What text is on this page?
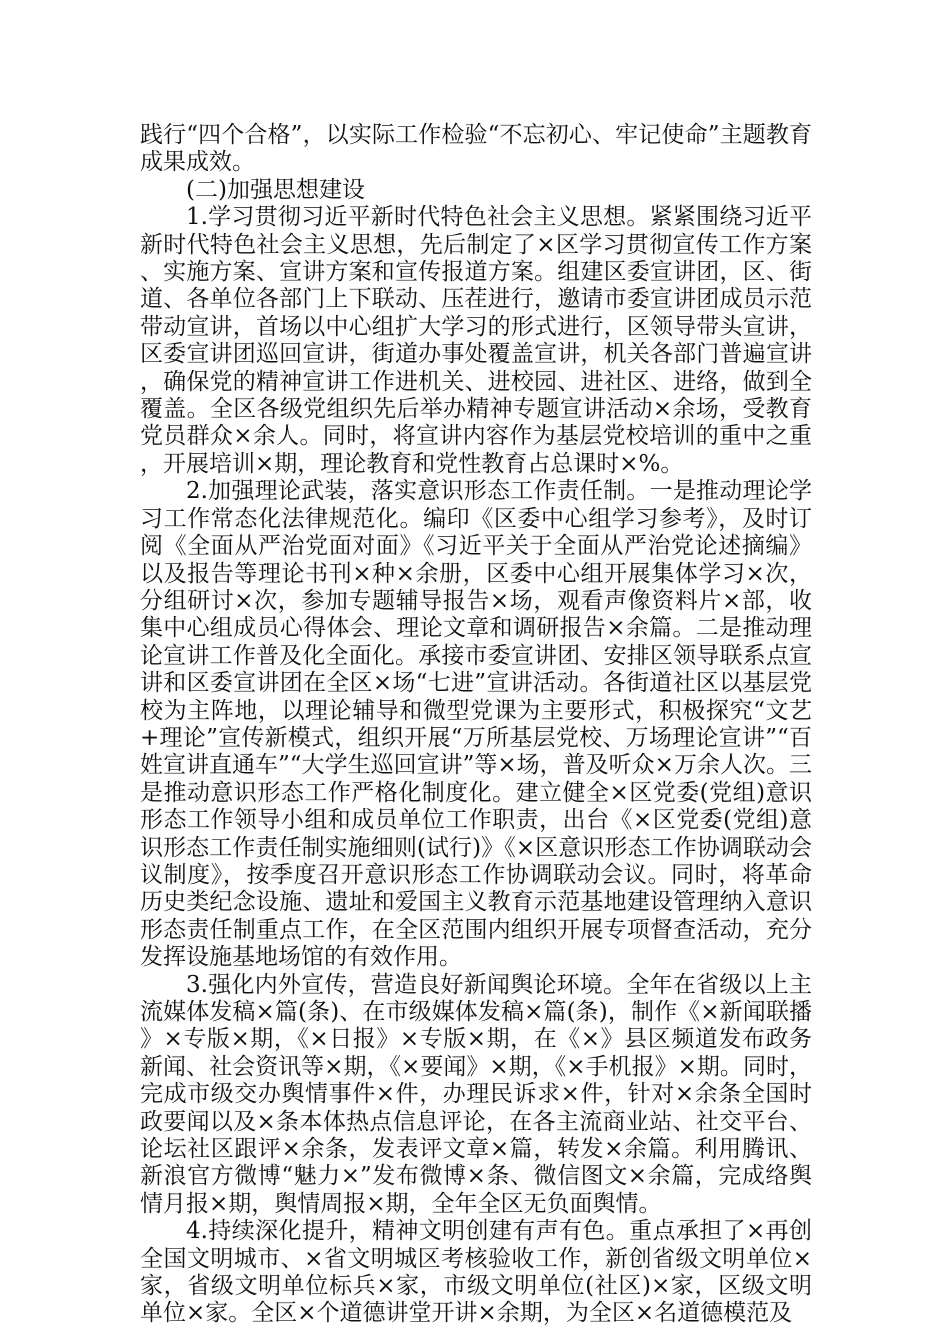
践行“四个合格”，以实际工作检验“不忘初心、牢记使命”主题教育成果成效。

(二)加强思想建设

1.学习贯彻习近平新时代特色社会主义思想。紧紧围绕习近平新时代特色社会主义思想，先后制定了×区学习贯彻宣传工作方案、实施方案、宣讲方案和宣传报道方案。组建区委宣讲团，区、街道、各单位各部门上下联动、压茬进行，邀请市委宣讲团成员示范带动宣讲，首场以中心组扩大学习的形式进行，区领导带头宣讲，区委宣讲团巡回宣讲，街道办事处覆盖宣讲，机关各部门普遍宣讲，确保党的精神宣讲工作进机关、进校园、进社区、进络，做到全覆盖。全区各级党组织先后举办精神专题宣讲活动×余场，受教育党员群众×余人。同时，将宣讲内容作为基层党校培训的重中之重，开展培训×期，理论教育和党性教育占总课时×%。

2.加强理论武装，落实意识形态工作责任制。一是推动理论学习工作常态化法律规范化。编印《区委中心组学习参考》，及时订阅《全面从严治党面对面》《习近平关于全面从严治党论述摘编》以及报告等理论书刊×种×余册，区委中心组开展集体学习×次，分组研讨×次，参加专题辅导报告×场，观看声像资料片×部，收集中心组成员心得体会、理论文章和调研报告×余篇。二是推动理论宣讲工作普及化全面化。承接市委宣讲团、安排区领导联系点宣讲和区委宣讲团在全区×场“七进”宣讲活动。各街道社区以基层党校为主阵地，以理论辅导和微型党课为主要形式，积极探究“文艺+理论”宣传新模式，组织开展“万所基层党校、万场理论宣讲”“百姓宣讲直通车”“大学生巡回宣讲”等×场，普及听众×万余人次。三是推动意识形态工作严格化制度化。建立健全×区党委(党组)意识形态工作领导小组和成员单位工作职责，出台《×区党委(党组)意识形态工作责任制实施细则(试行)》《×区意识形态工作协调联动会议制度》，按季度召开意识形态工作协调联动会议。同时，将革命历史类纪念设施、遗址和爱国主义教育示范基地建设管理纳入意识形态责任制重点工作，在全区范围内组织开展专项督查活动，充分发挥设施基地场馆的有效作用。

3.强化内外宣传，营造良好新闻舆论环境。全年在省级以上主流媒体发稿×篇(条)、在市级媒体发稿×篇(条)，制作《×新闻联播》×专版×期，《×日报》×专版×期，在《×》县区频道发布政务新闻、社会资讯等×期，《×要闻》×期，《×手机报》×期。同时，完成市级交办舆情事件×件，办理民诉求×件，针对×余条全国时政要闻以及×条本体热点信息评论，在各主流商业站、社交平台、论坛社区跟评×余条，发表评文章×篇，转发×余篇。利用腾讯、新浪官方微博“魅力×”发布微博×条、微信图文×余篇，完成络舆情月报×期，舆情周报×期，全年全区无负面舆情。

4.持续深化提升，精神文明创建有声有色。重点承担了×再创全国文明城市、×省文明城区考核验收工作，新创省级文明单位×家，省级文明单位标兵×家，市级文明单位(社区)×家，区级文明单位×家。全区×个道德讲堂开讲×余期，为全区×名道德模范及
